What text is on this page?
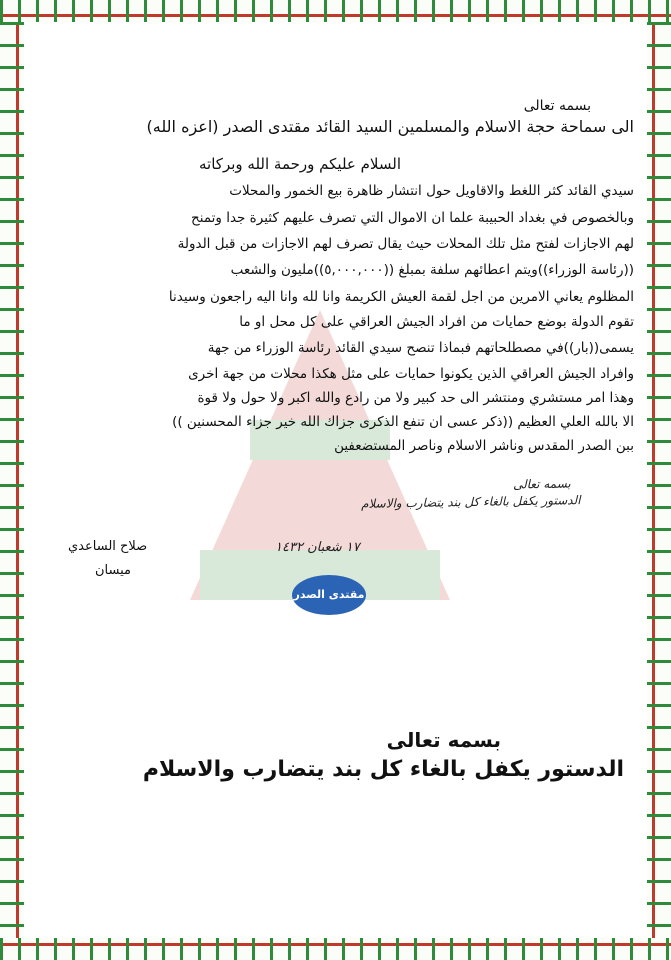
بسمه تعالى
الى سماحة حجة الاسلام والمسلمين السيد القائد مقتدى الصدر (اعزه الله)
السلام عليكم ورحمة الله وبركاته
سيدي القائد كثر اللغط والاقاويل حول انتشار ظاهرة بيع الخمور والمحلات
وبالخصوص في بغداد الحبيبة علما ان الاموال التي تصرف عليهم كثيرة جدا وتمنح
لهم الاجازات لفتح مثل تلك المحلات حيث يقال تصرف لهم الاجازات من قبل الدولة
((رئاسة الوزراء))ويتم اعطائهم سلفة بمبلغ ((٥,٠٠٠,٠٠٠))مليون والشعب
المظلوم يعاني الامرين من اجل لقمة العيش الكريمة وانا لله وانا اليه راجعون وسيدنا
تقوم الدولة بوضع حمايات من افراد الجيش العراقي على كل محل او ما
يسمى((بار))في مصطلحاتهم فبماذا تنصح سيدي القائد رئاسة الوزراء من جهة
وافراد الجيش العراقي الذين يكونوا حمايات على مثل هكذا محلات من جهة اخرى
وهذا امر مستشري ومنتشر الى حد كبير ولا من رادع والله اكبر ولا حول ولا قوة
الا بالله العلي العظيم ((ذكر عسى ان تنفع الذكرى جزاك الله خير جزاء المحسنين ))
ببن الصدر المقدس وناشر الاسلام وناصر المستضعفين
بسمه تعالى
الدستور يكفل بالغاء كل بند يتضارب والاسلام
١٧ شعبان ١٤٣٢
صلاح الساعدي
ميسان
مقتدى الصدر
بسمه تعالى
الدستور يكفل بالغاء كل بند يتضارب والاسلام
